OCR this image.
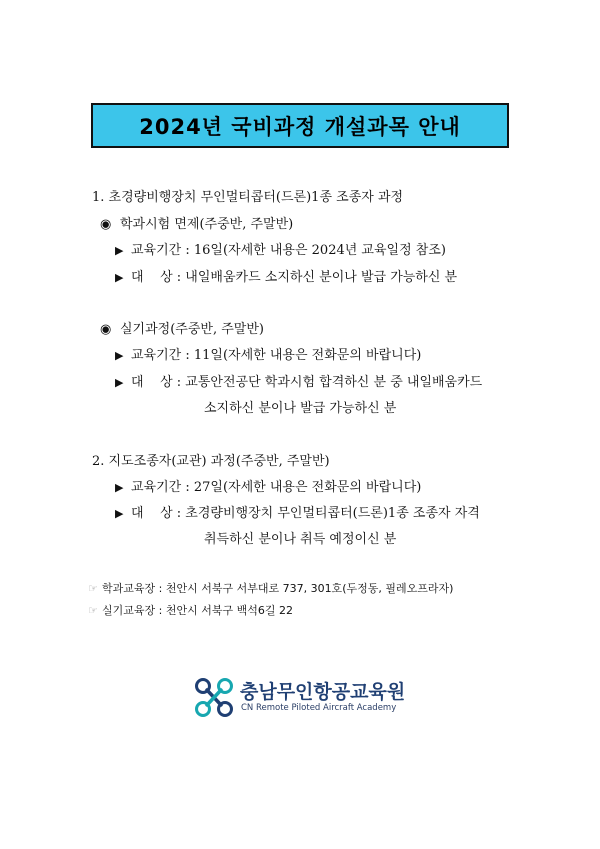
2024년 국비과정 개설과목 안내
1. 초경량비행장치 무인멀티콥터(드론)1종 조종자 과정
◉ 학과시험 면제(주중반, 주말반)
▶ 교육기간 : 16일(자세한 내용은 2024년 교육일정 참조)
▶ 대    상 : 내일배움카드 소지하신 분이나 발급 가능하신 분
◉ 실기과정(주중반, 주말반)
▶ 교육기간 : 11일(자세한 내용은 전화문의 바랍니다)
▶ 대    상 : 교통안전공단 학과시험 합격하신 분 중 내일배움카드
소지하신 분이나 발급 가능하신 분
2. 지도조종자(교관) 과정(주중반, 주말반)
▶ 교육기간 : 27일(자세한 내용은 전화문의 바랍니다)
▶ 대    상 : 초경량비행장치 무인멀티콥터(드론)1종 조종자 자격
취득하신 분이나 취득 예정이신 분
☞ 학과교육장 : 천안시 서북구 서부대로 737, 301호(두정동, 필레오프라자)
☞ 실기교육장 : 천안시 서북구 백석6길 22
충남무인항공교육원
CN Remote Piloted Aircraft Academy
